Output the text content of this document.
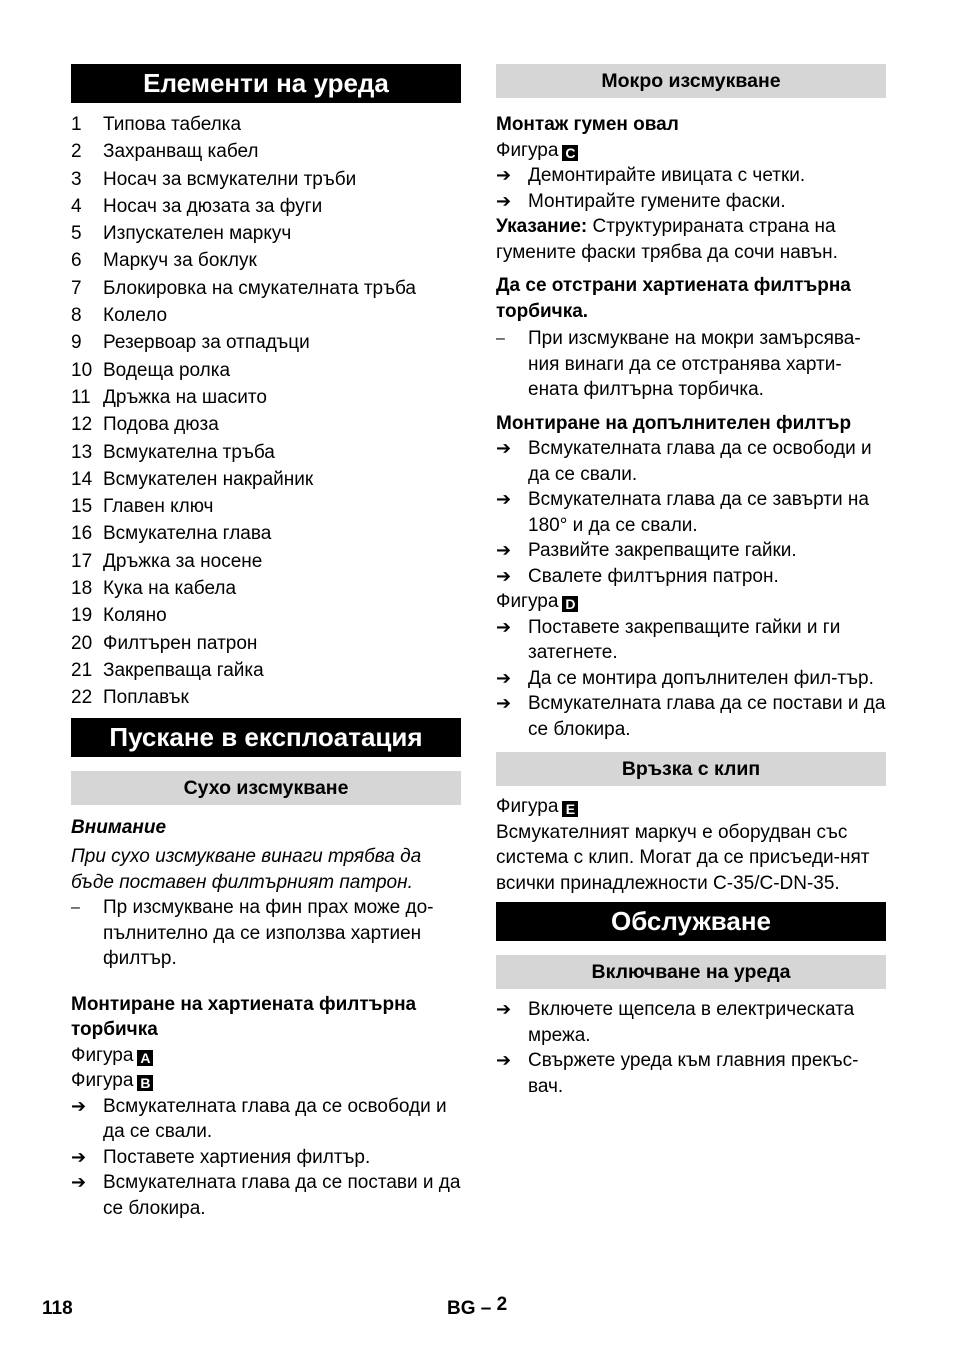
Елементи на уреда
1	Типова табелка
2	Захранващ кабел
3	Носач за всмукателни тръби
4	Носач за дюзата за фуги
5	Изпускателен маркуч
6	Маркуч за боклук
7	Блокировка на смукателната тръба
8	Колело
9	Резервоар за отпадъци
10 Водеща ролка
11 Дръжка на шасито
12 Подова дюза
13 Всмукателна тръба
14 Всмукателен накрайник
15 Главен ключ
16 Всмукателна глава
17 Дръжка за носене
18 Кука на кабела
19 Коляно
20 Филтърен патрон
21 Закрепваща гайка
22 Поплавък
Пускане в експлоатация
Сухо изсмукване

Внимание

При сухо изсмукване винаги трябва да бъде поставен филтърният патрон.

–	Пр изсмукване на фин прах може до-пълнително да се използва хартиен филтър.

Монтиране на хартиената филтърна торбичка

Фигура A

Фигура B

➔ Всмукателната глава да се освободи и да се свали.
➔ Поставете хартиения филтър.
➔ Всмукателната глава да се постави и да се блокира.
Мокро изсмукване

Монтаж гумен овал

Фигура C

➔ Демонтирайте ивицата с четки.
➔ Монтирайте гумените фаски.

Указание: Структурираната страна на гумените фаски трябва да сочи навън.

Да се отстрани хартиената филтърна торбичка.

–	При изсмукване на мокри замърсява-ния винаги да се отстранява харти-ената филтърна торбичка.

Монтиране на допълнителен филтър

➔ Всмукателната глава да се освободи и да се свали.
➔ Всмукателната глава да се завърти на 180° и да се свали.
➔ Развийте закрепващите гайки.
➔ Свалете филтърния патрон.

Фигура D

➔ Поставете закрепващите гайки и ги затегнете.
➔ Да се монтира допълнителен фил-тър.
➔ Всмукателната глава да се постави и да се блокира.
Връзка с клип

Фигура E

Всмукателният маркуч е оборудван със система с клип. Могат да се присъеди-нят всички принадлежности C-35/C-DN-35.

Обслужване
Включване на уреда
➔ Включете щепсела в електрическата мрежа.
➔ Свържете уреда към главния прекъс-вач.
118	BG – 2
